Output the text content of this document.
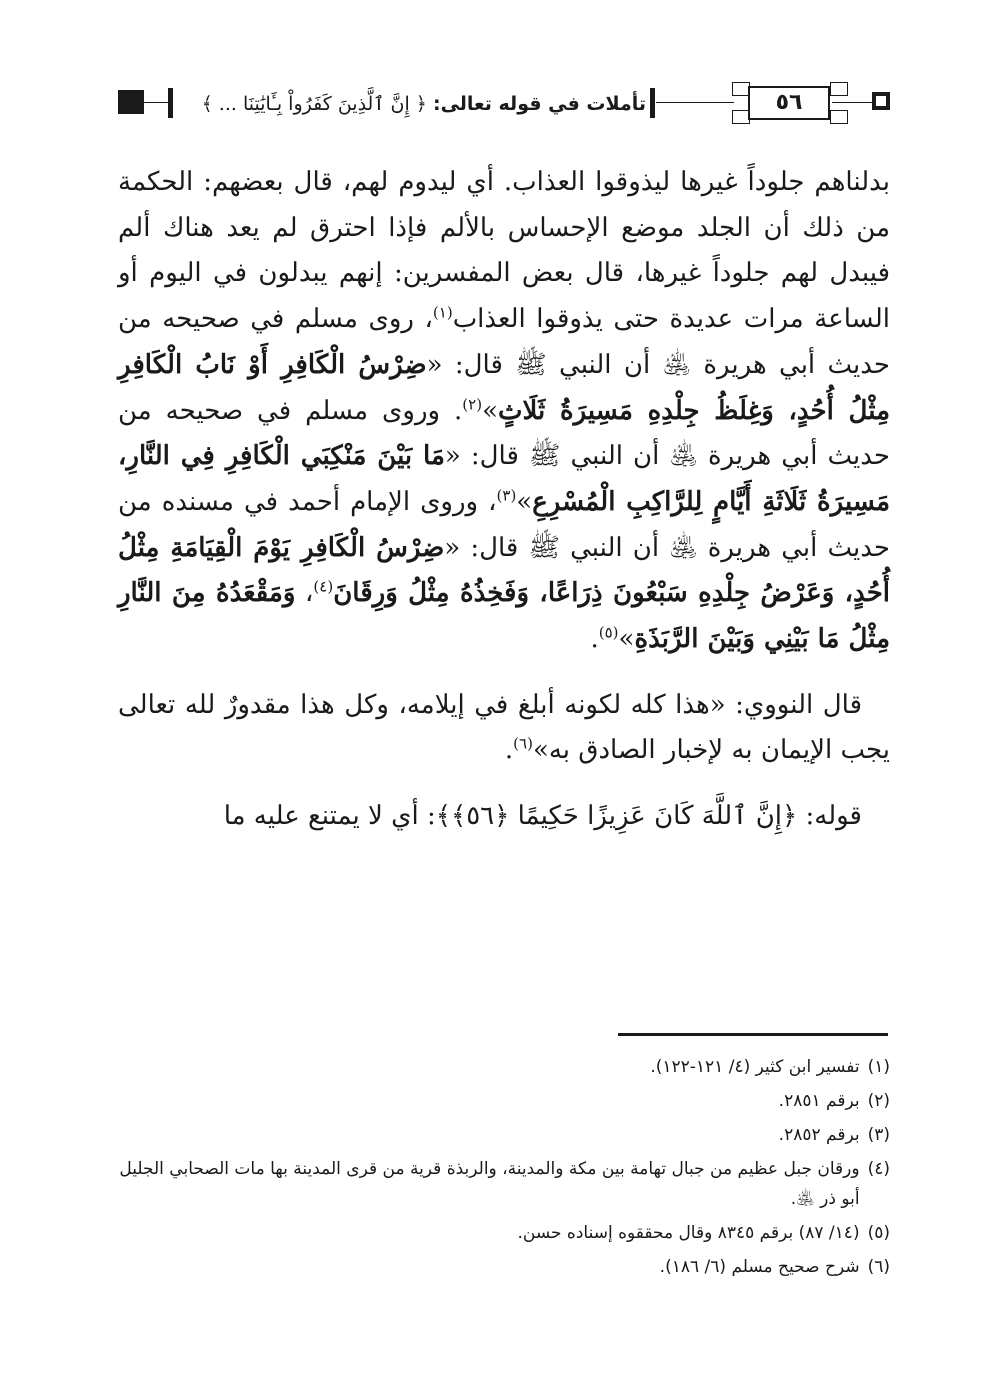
٥٦
تأملات في قوله تعالى: ﴿ إِنَّ ٱلَّذِينَ كَفَرُواْ بِـَٔايَٰتِنَا ... ﴾

بدلناهم جلوداً غيرها ليذوقوا العذاب. أي ليدوم لهم، قال بعضهم: الحكمة من ذلك أن الجلد موضع الإحساس بالألم فإذا احترق لم يعد هناك ألم فيبدل لهم جلوداً غيرها، قال بعض المفسرين: إنهم يبدلون في اليوم أو الساعة مرات عديدة حتى يذوقوا العذاب$^{(١)}$، روى مسلم في صحيحه من حديث أبي هريرة ﵁ أن النبي ﷺ قال: «ضِرْسُ الْكَافِرِ أَوْ نَابُ الْكَافِرِ مِثْلُ أُحُدٍ، وَغِلَظُ جِلْدِهِ مَسِيرَةُ ثَلَاثٍ»$^{(٢)}$. وروى مسلم في صحيحه من حديث أبي هريرة ﵁ أن النبي ﷺ قال: «مَا بَيْنَ مَنْكِبَي الْكَافِرِ فِي النَّارِ، مَسِيرَةُ ثَلَاثَةِ أَيَّامٍ لِلرَّاكِبِ الْمُسْرِعِ»$^{(٣)}$، وروى الإمام أحمد في مسنده من حديث أبي هريرة ﵁ أن النبي ﷺ قال: «ضِرْسُ الْكَافِرِ يَوْمَ الْقِيَامَةِ مِثْلُ أُحُدٍ، وَعَرْضُ جِلْدِهِ سَبْعُونَ ذِرَاعًا، وَفَخِذُهُ مِثْلُ وَرِقَانَ$^{(٤)}$، وَمَقْعَدُهُ مِنَ النَّارِ مِثْلُ مَا بَيْنِي وَبَيْنَ الرَّبَذَةِ»$^{(٥)}$.

قال النووي: «هذا كله لكونه أبلغ في إيلامه، وكل هذا مقدورٌ لله تعالى يجب الإيمان به لإخبار الصادق به»$^{(٦)}$.

قوله: ﴿إِنَّ ٱللَّهَ كَانَ عَزِيزًا حَكِيمًا ﴿٥٦﴾﴾: أي لا يمتنع عليه ما

(١)
تفسير ابن كثير (٤/ ١٢١-١٢٢).
(٢)
برقم ٢٨٥١.
(٣)
برقم ٢٨٥٢.
(٤)
ورقان جبل عظيم من جبال تهامة بين مكة والمدينة، والربذة قرية من قرى المدينة بها مات الصحابي الجليل أبو ذر ﵁.
(٥)
(١٤/ ٨٧) برقم ٨٣٤٥ وقال محققوه إسناده حسن.
(٦)
شرح صحيح مسلم (٦/ ١٨٦).
